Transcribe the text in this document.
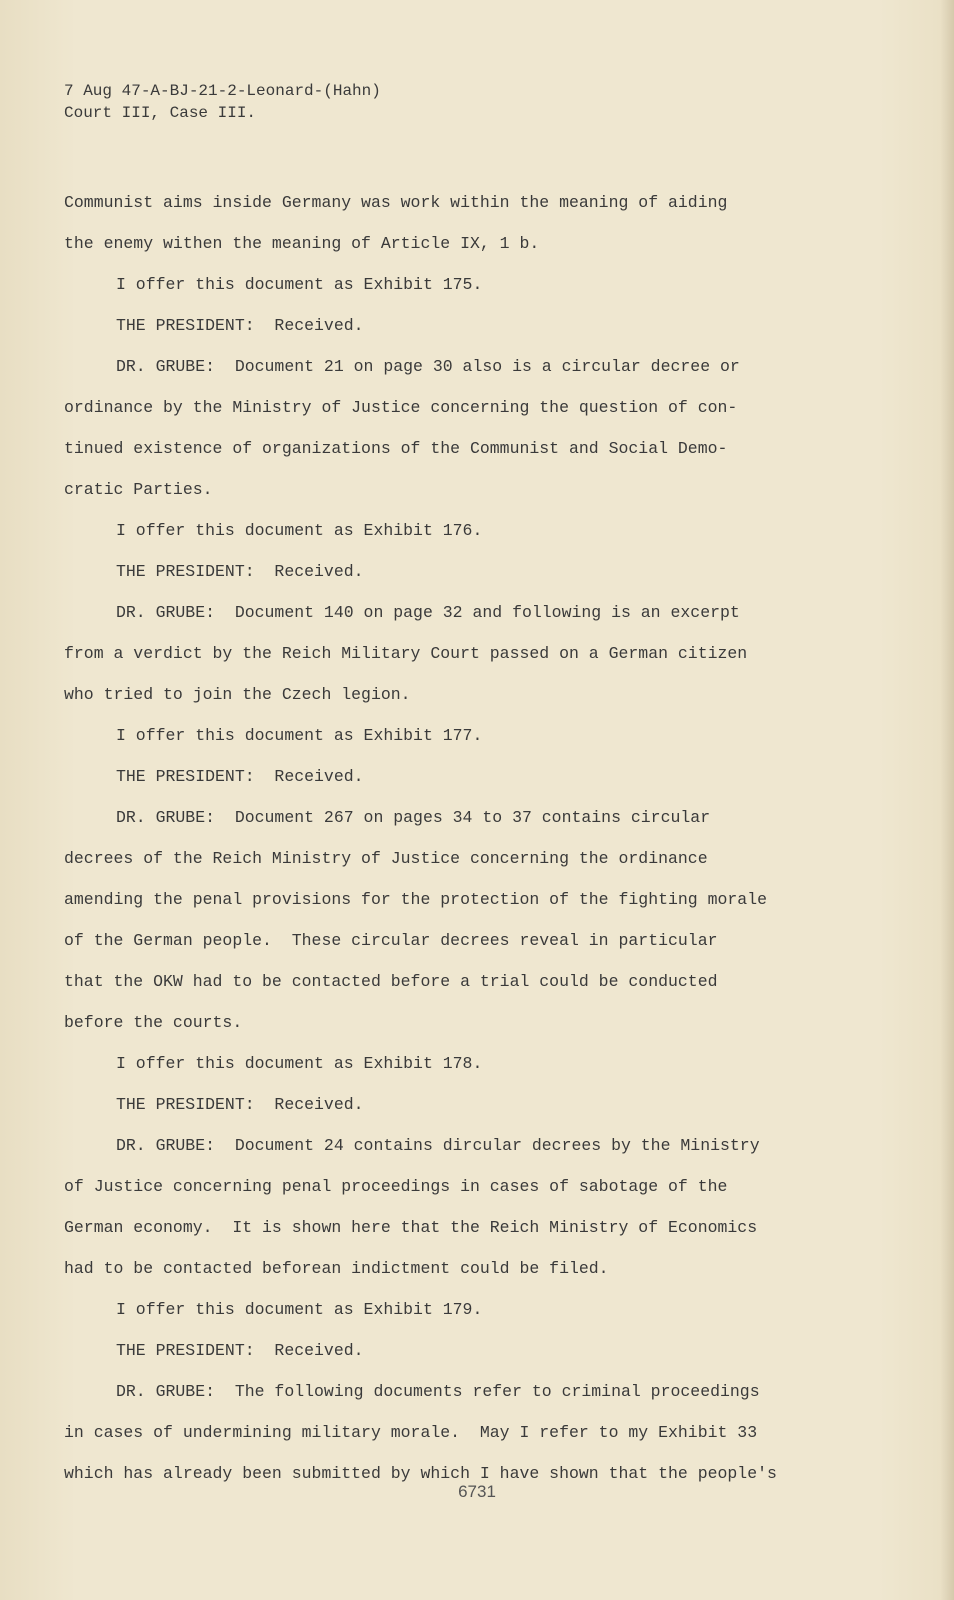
7 Aug 47-A-BJ-21-2-Leonard-(Hahn)
Court III, Case III.
Communist aims inside Germany was work within the meaning of aiding
the enemy withen the meaning of Article IX, 1 b.
I offer this document as Exhibit 175.
THE PRESIDENT:  Received.
DR. GRUBE:  Document 21 on page 30 also is a circular decree or
ordinance by the Ministry of Justice concerning the question of con-
tinued existence of organizations of the Communist and Social Demo-
cratic Parties.
I offer this document as Exhibit 176.
THE PRESIDENT:  Received.
DR. GRUBE:  Document 140 on page 32 and following is an excerpt
from a verdict by the Reich Military Court passed on a German citizen
who tried to join the Czech legion.
I offer this document as Exhibit 177.
THE PRESIDENT:  Received.
DR. GRUBE:  Document 267 on pages 34 to 37 contains circular
decrees of the Reich Ministry of Justice concerning the ordinance
amending the penal provisions for the protection of the fighting morale
of the German people.  These circular decrees reveal in particular
that the OKW had to be contacted before a trial could be conducted
before the courts.
I offer this document as Exhibit 178.
THE PRESIDENT:  Received.
DR. GRUBE:  Document 24 contains dircular decrees by the Ministry
of Justice concerning penal proceedings in cases of sabotage of the
German economy.  It is shown here that the Reich Ministry of Economics
had to be contacted beforean indictment could be filed.
I offer this document as Exhibit 179.
THE PRESIDENT:  Received.
DR. GRUBE:  The following documents refer to criminal proceedings
in cases of undermining military morale.  May I refer to my Exhibit 33
which has already been submitted by which I have shown that the people's
6731
